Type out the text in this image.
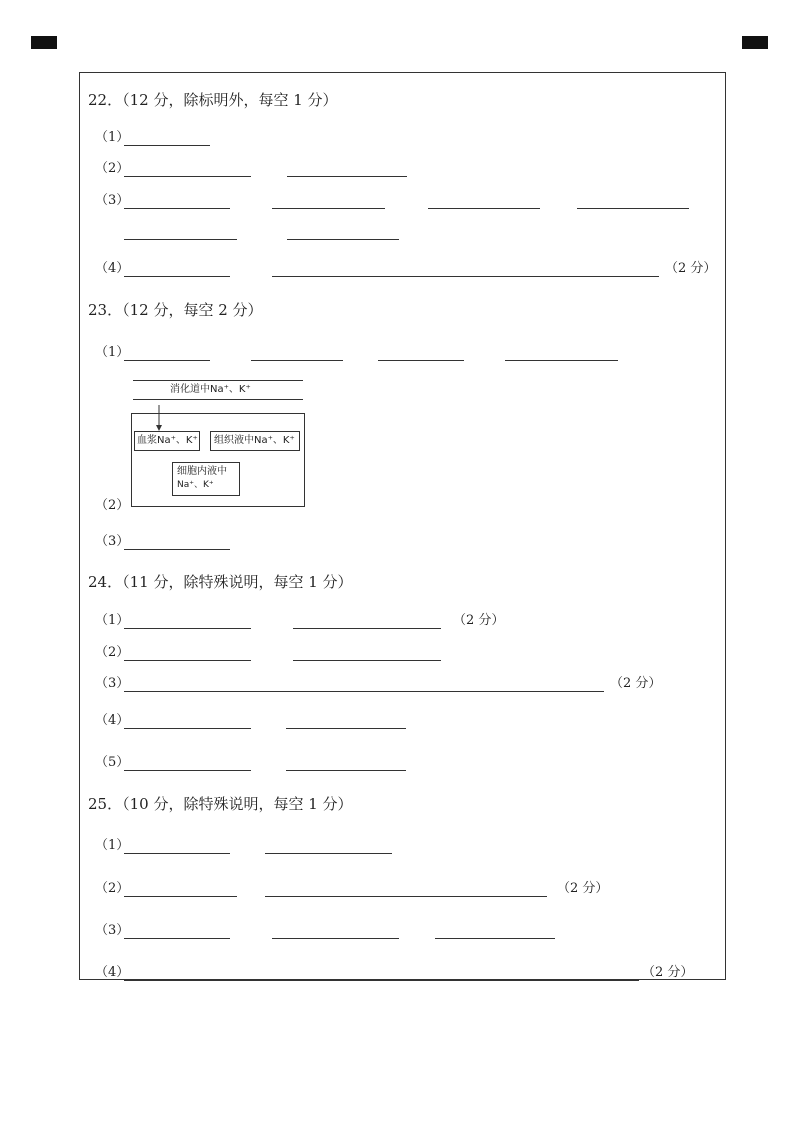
22．（12 分，除标明外，每空 1 分）
（1）
（2）
（3）
（4）	（2 分）
23．（12 分，每空 2 分）
（1）
消化道中Na⁺、K⁺
血浆Na⁺、K⁺ 组织液中Na⁺、K⁺
细胞内液中
Na⁺、K⁺
（2）
（3）
24．（11 分，除特殊说明，每空 1 分）
（1）	（2 分）
（2）
（3）	（2 分）
（4）
（5）
25．（10 分，除特殊说明，每空 1 分）
（1）
（2）	（2 分）
（3）
（4）	（2 分）
